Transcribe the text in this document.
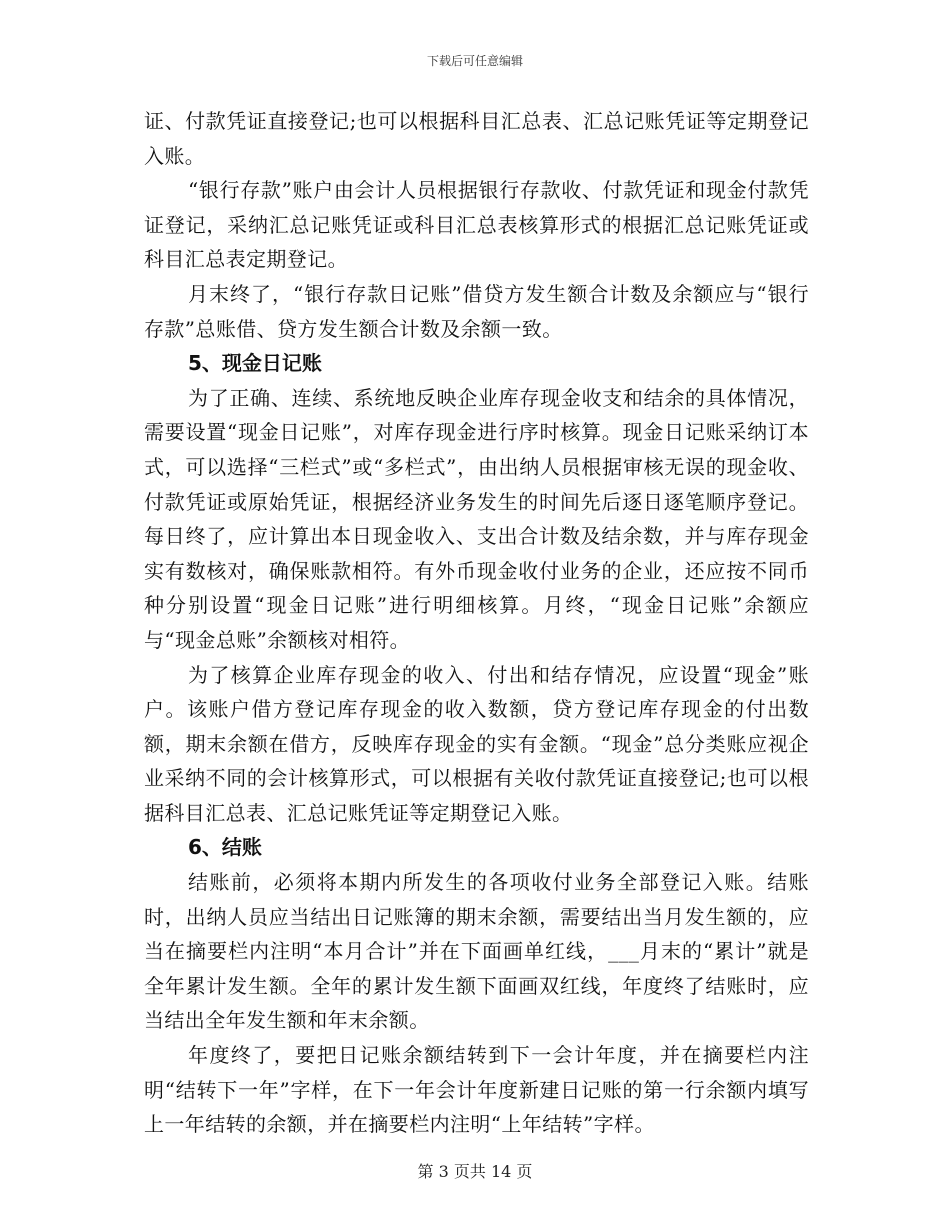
下载后可任意编辑

证、付款凭证直接登记;也可以根据科目汇总表、汇总记账凭证等定期登记入账。

“银行存款”账户由会计人员根据银行存款收、付款凭证和现金付款凭证登记，采纳汇总记账凭证或科目汇总表核算形式的根据汇总记账凭证或科目汇总表定期登记。

月末终了，“银行存款日记账”借贷方发生额合计数及余额应与“银行存款”总账借、贷方发生额合计数及余额一致。

5、现金日记账

为了正确、连续、系统地反映企业库存现金收支和结余的具体情况，需要设置“现金日记账”，对库存现金进行序时核算。现金日记账采纳订本式，可以选择“三栏式”或“多栏式”，由出纳人员根据审核无误的现金收、付款凭证或原始凭证，根据经济业务发生的时间先后逐日逐笔顺序登记。每日终了，应计算出本日现金收入、支出合计数及结余数，并与库存现金实有数核对，确保账款相符。有外币现金收付业务的企业，还应按不同币种分别设置“现金日记账”进行明细核算。月终，“现金日记账”余额应与“现金总账”余额核对相符。

为了核算企业库存现金的收入、付出和结存情况，应设置“现金”账户。该账户借方登记库存现金的收入数额，贷方登记库存现金的付出数额，期末余额在借方，反映库存现金的实有金额。“现金”总分类账应视企业采纳不同的会计核算形式，可以根据有关收付款凭证直接登记;也可以根据科目汇总表、汇总记账凭证等定期登记入账。

6、结账

结账前，必须将本期内所发生的各项收付业务全部登记入账。结账时，出纳人员应当结出日记账簿的期末余额，需要结出当月发生额的，应当在摘要栏内注明“本月合计”并在下面画单红线，___月末的“累计”就是全年累计发生额。全年的累计发生额下面画双红线，年度终了结账时，应当结出全年发生额和年末余额。

年度终了，要把日记账余额结转到下一会计年度，并在摘要栏内注明“结转下一年”字样，在下一年会计年度新建日记账的第一行余额内填写上一年结转的余额，并在摘要栏内注明“上年结转”字样。

第 3 页共 14 页
